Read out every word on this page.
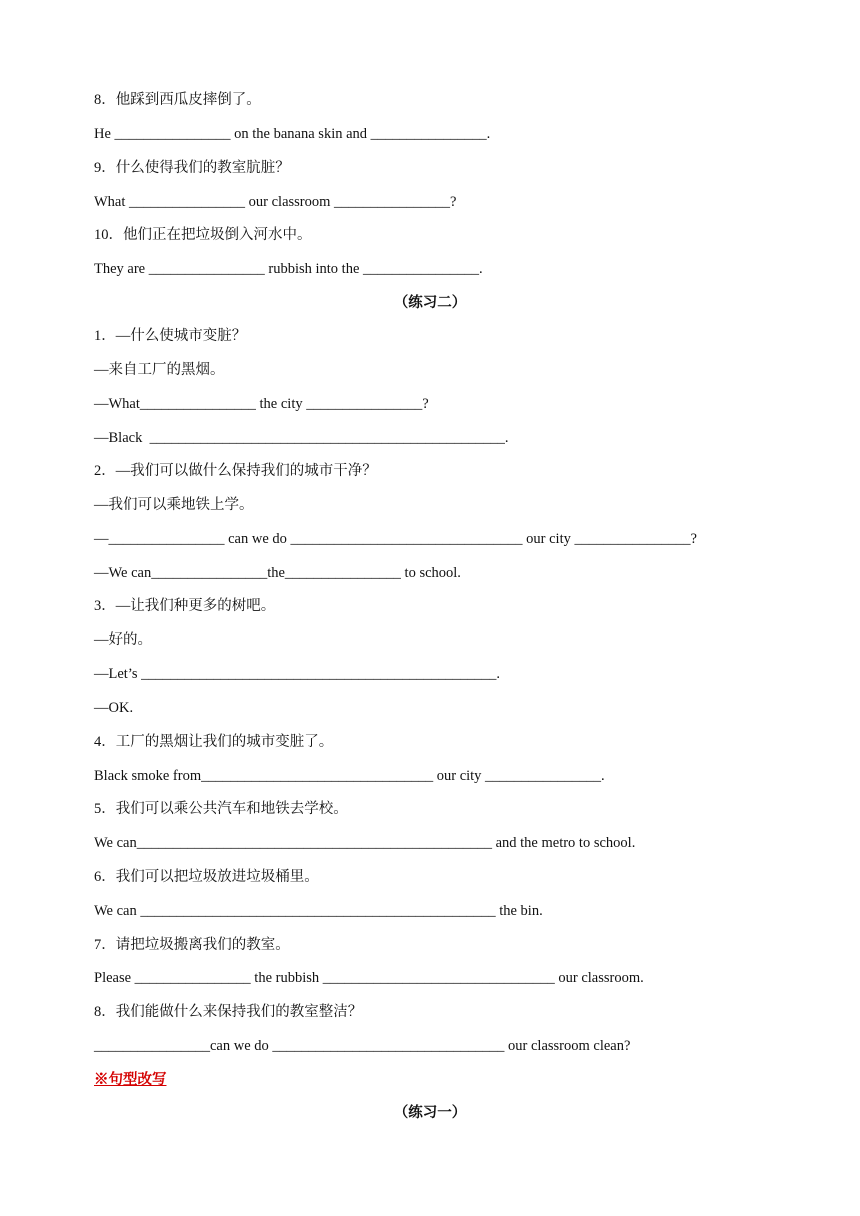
8．他踩到西瓜皮摔倒了。
He ________________ on the banana skin and ________________.
9．什么使得我们的教室肮脏？
What ________________ our classroom ________________?
10．他们正在把垃圾倒入河水中。
They are ________________ rubbish into the ________________.
（练习二）
1．—什么使城市变脏？
—来自工厂的黑烟。
—What________________ the city ________________?
—Black  _________________________________________________.
2．—我们可以做什么保持我们的城市干净？
—我们可以乘地铁上学。
—________________ can we do ________________________________ our city ________________?
—We can________________the________________ to school.
3．—让我们种更多的树吧。
—好的。
—Let’s _________________________________________________.
—OK.
4．工厂的黑烟让我们的城市变脏了。
Black smoke from________________________________ our city ________________.
5．我们可以乘公共汽车和地铁去学校。
We can_________________________________________________ and the metro to school.
6．我们可以把垃圾放进垃圾桶里。
We can _________________________________________________ the bin.
7．请把垃圾搬离我们的教室。
Please ________________ the rubbish ________________________________ our classroom.
8．我们能做什么来保持我们的教室整洁？
________________can we do ________________________________ our classroom clean?
※句型改写
（练习一）
